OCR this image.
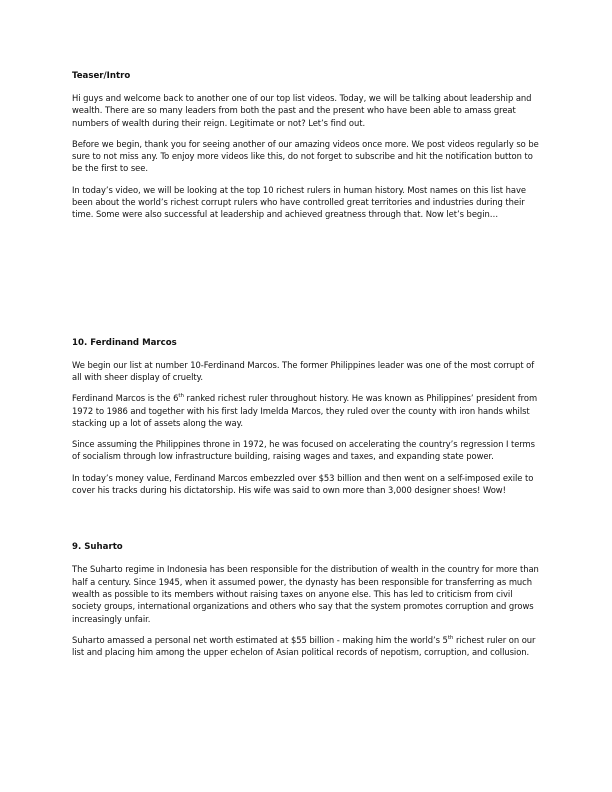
Teaser/Intro

Hi guys and welcome back to another one of our top list videos. Today, we will be talking about leadership and wealth. There are so many leaders from both the past and the present who have been able to amass great numbers of wealth during their reign. Legitimate or not? Let’s find out.

Before we begin, thank you for seeing another of our amazing videos once more. We post videos regularly so be sure to not miss any. To enjoy more videos like this, do not forget to subscribe and hit the notification button to be the first to see.

In today’s video, we will be looking at the top 10 richest rulers in human history. Most names on this list have been about the world’s richest corrupt rulers who have controlled great territories and industries during their time. Some were also successful at leadership and achieved greatness through that. Now let’s begin…

10. Ferdinand Marcos

We begin our list at number 10-Ferdinand Marcos. The former Philippines leader was one of the most corrupt of all with sheer display of cruelty.

Ferdinand Marcos is the 6th ranked richest ruler throughout history. He was known as Philippines’ president from 1972 to 1986 and together with his first lady Imelda Marcos, they ruled over the county with iron hands whilst stacking up a lot of assets along the way.

Since assuming the Philippines throne in 1972, he was focused on accelerating the country’s regression I terms of socialism through low infrastructure building, raising wages and taxes, and expanding state power.

In today’s money value, Ferdinand Marcos embezzled over $53 billion and then went on a self-imposed exile to cover his tracks during his dictatorship. His wife was said to own more than 3,000 designer shoes! Wow!

9. Suharto

The Suharto regime in Indonesia has been responsible for the distribution of wealth in the country for more than half a century. Since 1945, when it assumed power, the dynasty has been responsible for transferring as much wealth as possible to its members without raising taxes on anyone else. This has led to criticism from civil society groups, international organizations and others who say that the system promotes corruption and grows increasingly unfair.

Suharto amassed a personal net worth estimated at $55 billion - making him the world’s 5th richest ruler on our list and placing him among the upper echelon of Asian political records of nepotism, corruption, and collusion.
